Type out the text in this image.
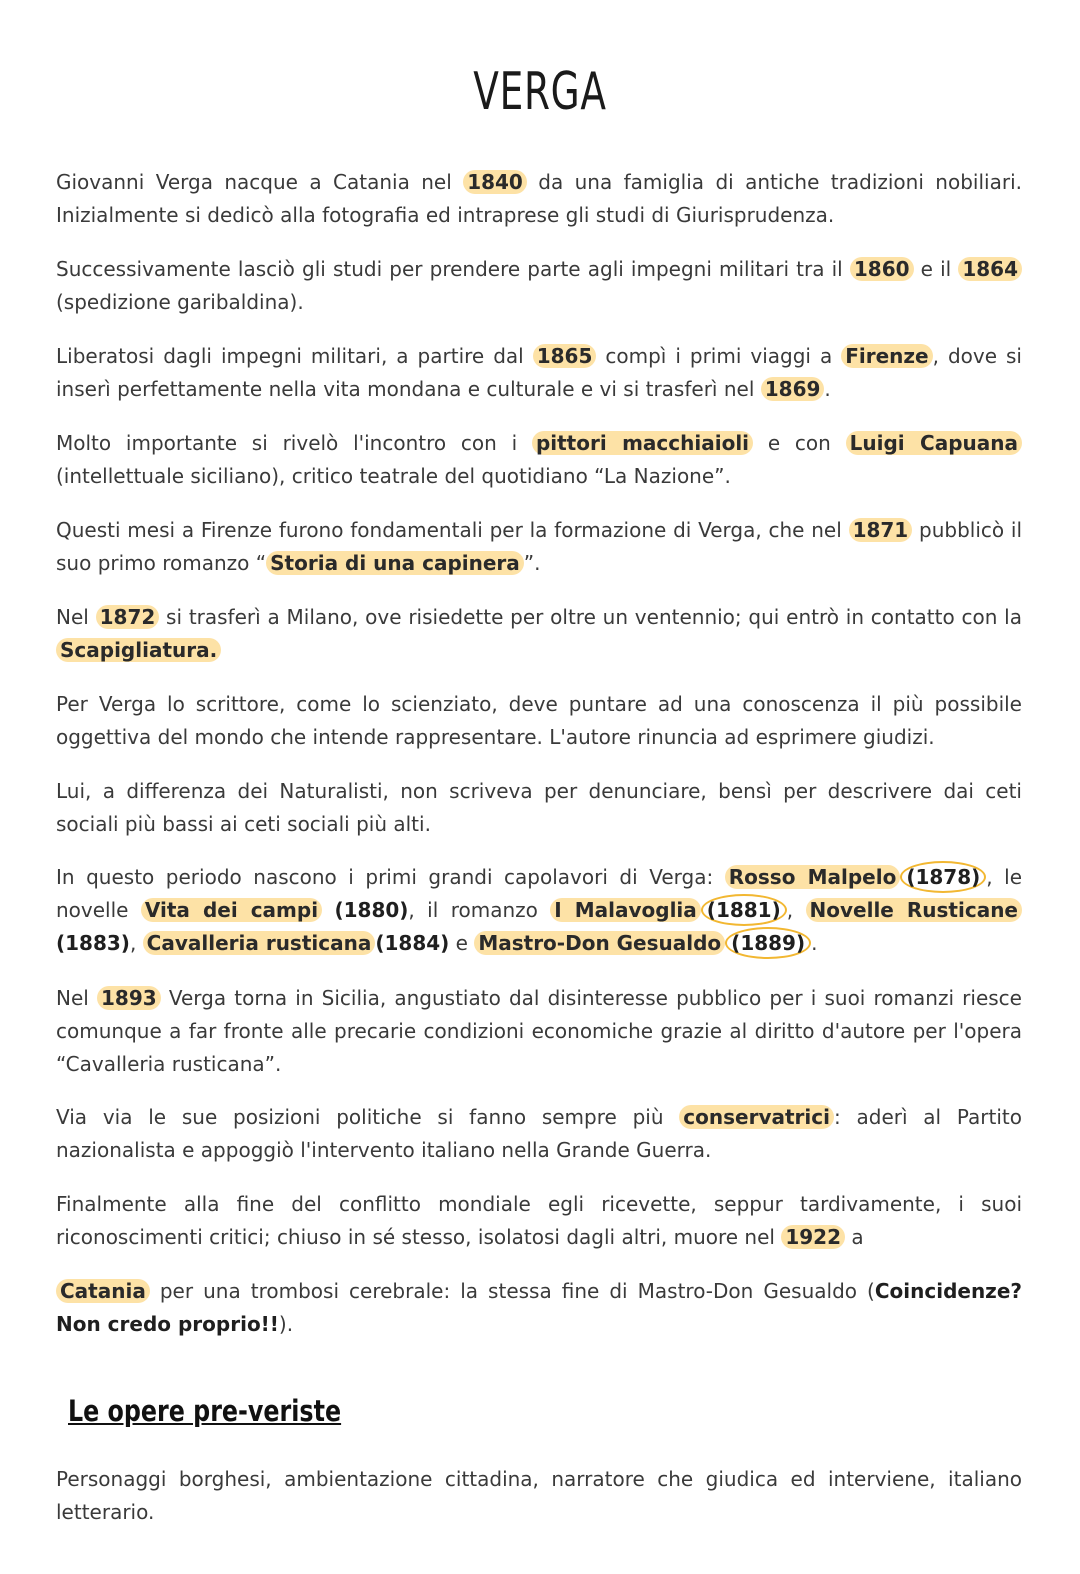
VERGA

Giovanni Verga nacque a Catania nel 1840 da una famiglia di antiche tradizioni nobiliari. Inizialmente si dedicò alla fotografia ed intraprese gli studi di Giurisprudenza.

Successivamente lasciò gli studi per prendere parte agli impegni militari tra il 1860 e il 1864 (spedizione garibaldina).

Liberatosi dagli impegni militari, a partire dal 1865 compì i primi viaggi a Firenze , dove si inserì perfettamente nella vita mondana e culturale e vi si trasferì nel 1869 .

Molto importante si rivelò l'incontro con i pittori macchiaioli e con Luigi Capuana (intellettuale siciliano), critico teatrale del quotidiano “La Nazione”.

Questi mesi a Firenze furono fondamentali per la formazione di Verga, che nel 1871 pubblicò il suo primo romanzo “ Storia di una capinera ”.

Nel 1872 si trasferì a Milano, ove risiedette per oltre un ventennio; qui entrò in contatto con la Scapigliatura.

Per Verga lo scrittore, come lo scienziato, deve puntare ad una conoscenza il più possibile oggettiva del mondo che intende rappresentare. L'autore rinuncia ad esprimere giudizi.

Lui, a differenza dei Naturalisti, non scriveva per denunciare, bensì per descrivere dai ceti sociali più bassi ai ceti sociali più alti.

In questo periodo nascono i primi grandi capolavori di Verga: Rosso Malpelo (1878) , le novelle Vita dei campi (1880), il romanzo I Malavoglia (1881) , Novelle Rusticane (1883), Cavalleria rusticana (1884) e Mastro-Don Gesualdo (1889) .

Nel 1893 Verga torna in Sicilia, angustiato dal disinteresse pubblico per i suoi romanzi riesce comunque a far fronte alle precarie condizioni economiche grazie al diritto d'autore per l'opera “Cavalleria rusticana”.

Via via le sue posizioni politiche si fanno sempre più conservatrici : aderì al Partito nazionalista e appoggiò l'intervento italiano nella Grande Guerra.

Finalmente alla fine del conflitto mondiale egli ricevette, seppur tardivamente, i suoi riconoscimenti critici; chiuso in sé stesso, isolatosi dagli altri, muore nel 1922 a

Catania per una trombosi cerebrale: la stessa fine di Mastro-Don Gesualdo (Coincidenze? Non credo proprio!!).

Le opere pre-veriste

Personaggi borghesi, ambientazione cittadina, narratore che giudica ed interviene, italiano letterario.
